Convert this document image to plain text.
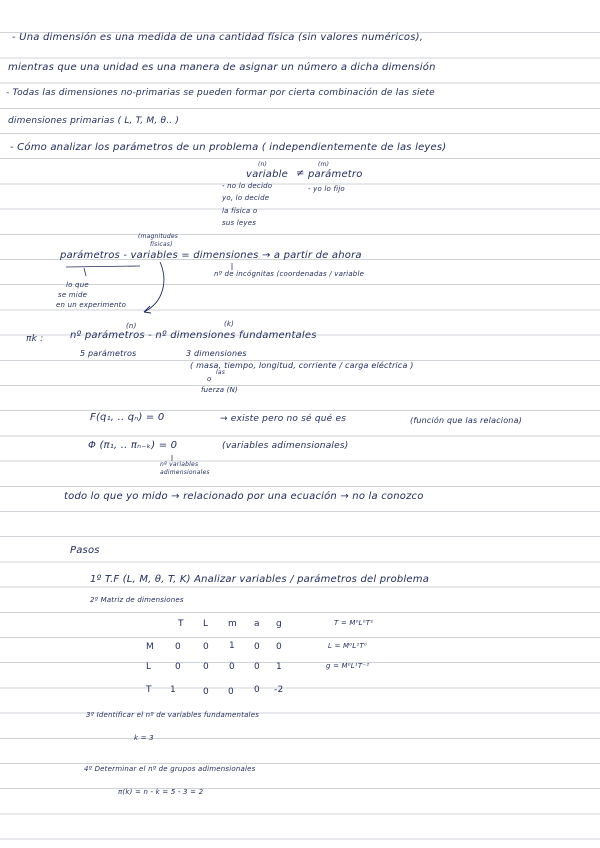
- Una dimensión es una medida de una cantidad física (sin valores numéricos),
mientras que una unidad es una manera de asignar un número a dicha dimensión
- Todas las dimensiones no-primarias se pueden formar por cierta combinación de las siete
dimensiones primarias ( L, T, M, θ.. )
- Cómo analizar los parámetros de un problema ( independientemente de las leyes)
(n)
variable ≠
(m)
parámetro
- no lo decido
yo, lo decide
la física o
sus leyes
- yo lo fijo
(magnitudes
físicas)
parámetros - variables = dimensiones → a partir de ahora
nº de incógnitas (coordenadas / variable
lo que
se mide
en un experimento
πk :
(n)	(k)
nº parámetros - nº dimensiones fundamentales
5 parámetros	3 dimensiones
( masa, tiempo, longitud, corriente / carga eléctrica )
las
o
fuerza (N)
F(q₁, .. qₙ) = 0	→ existe pero no sé qué es	(función que las relaciona)
Φ (π₁, .. πₙ₋ₖ) = 0	(variables adimensionales)
nº variables
adimensionales
todo lo que yo mido → relacionado por una ecuación → no la conozco
Pasos
1º T.F (L, M, θ, T, K) Analizar variables / parámetros del problema
2º Matriz de dimensiones
T L m a g
M 0 0 1 0 0
L	0 0 0 0 1
T 1	0 0 0 -2
T = M⁰L⁰T¹
L = M⁰L¹T⁰
g = M⁰L¹T⁻²
3º Identificar el nº de variables fundamentales
k = 3
4º Determinar el nº de grupos adimensionales
π(k) = n - k = 5 - 3 = 2
